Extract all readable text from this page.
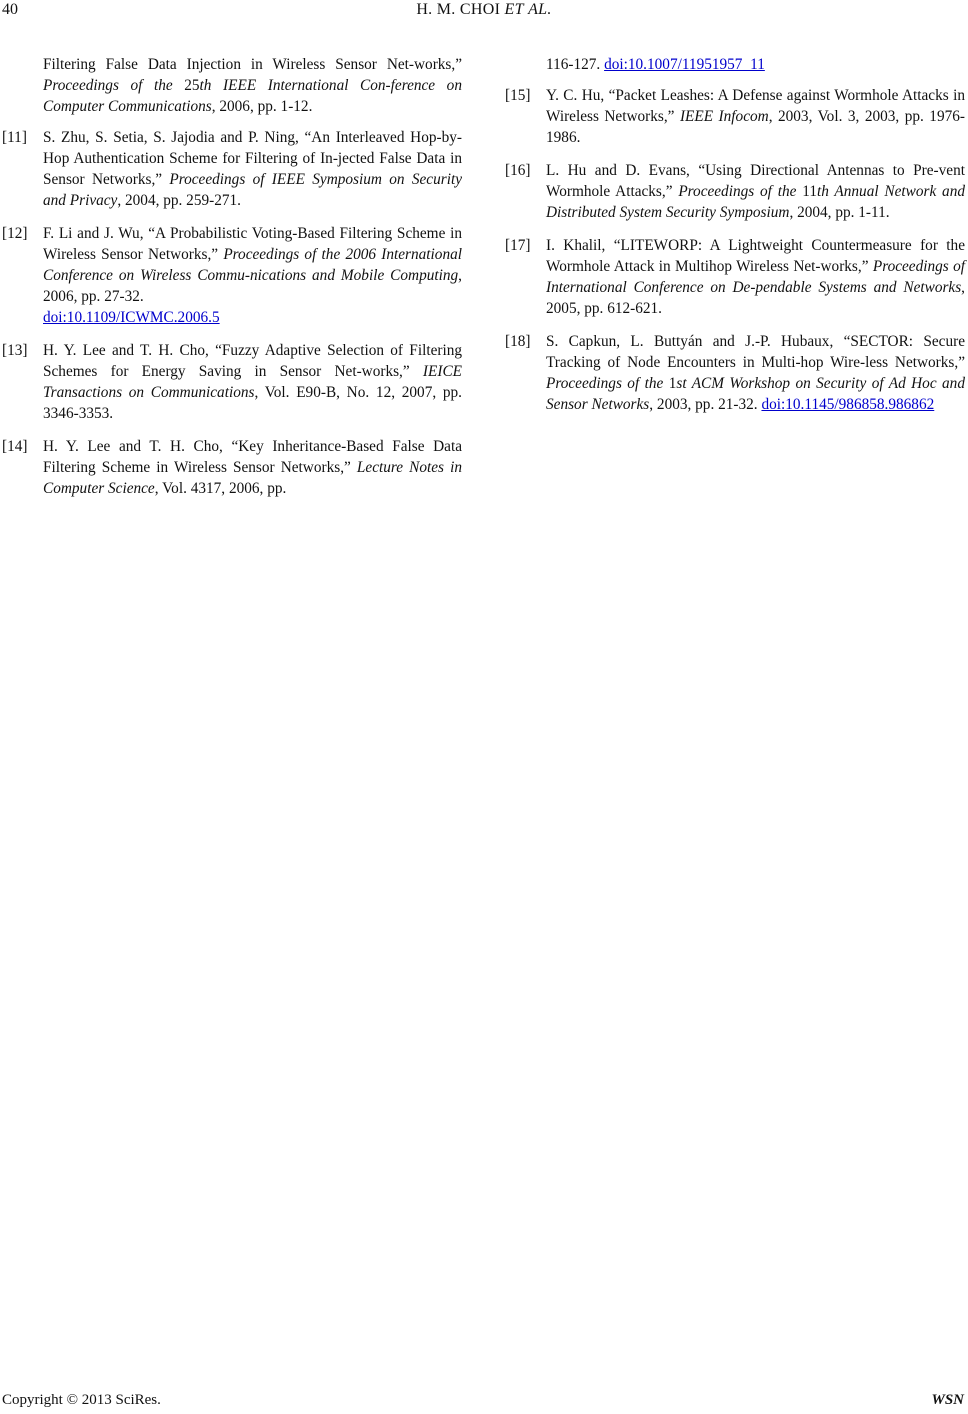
40	H. M. CHOI ET AL.
Filtering False Data Injection in Wireless Sensor Net-works,” Proceedings of the 25th IEEE International Con-ference on Computer Communications, 2006, pp. 1-12.
[11] S. Zhu, S. Setia, S. Jajodia and P. Ning, “An Interleaved Hop-by-Hop Authentication Scheme for Filtering of In-jected False Data in Sensor Networks,” Proceedings of IEEE Symposium on Security and Privacy, 2004, pp. 259-271.
[12] F. Li and J. Wu, “A Probabilistic Voting-Based Filtering Scheme in Wireless Sensor Networks,” Proceedings of the 2006 International Conference on Wireless Commu-nications and Mobile Computing, 2006, pp. 27-32.
doi:10.1109/ICWMC.2006.5
[13] H. Y. Lee and T. H. Cho, “Fuzzy Adaptive Selection of Filtering Schemes for Energy Saving in Sensor Net-works,” IEICE Transactions on Communications, Vol. E90-B, No. 12, 2007, pp. 3346-3353.
[14] H. Y. Lee and T. H. Cho, “Key Inheritance-Based False Data Filtering Scheme in Wireless Sensor Networks,” Lecture Notes in Computer Science, Vol. 4317, 2006, pp.
116-127. doi:10.1007/11951957_11
[15] Y. C. Hu, “Packet Leashes: A Defense against Wormhole Attacks in Wireless Networks,” IEEE Infocom, 2003, Vol. 3, 2003, pp. 1976-1986.
[16] L. Hu and D. Evans, “Using Directional Antennas to Pre-vent Wormhole Attacks,” Proceedings of the 11th Annual Network and Distributed System Security Symposium, 2004, pp. 1-11.
[17] I. Khalil, “LITEWORP: A Lightweight Countermeasure for the Wormhole Attack in Multihop Wireless Net-works,” Proceedings of International Conference on De-pendable Systems and Networks, 2005, pp. 612-621.
[18] S. Capkun, L. Buttyán and J.-P. Hubaux, “SECTOR: Secure Tracking of Node Encounters in Multi-hop Wire-less Networks,” Proceedings of the 1st ACM Workshop on Security of Ad Hoc and Sensor Networks, 2003, pp. 21-32. doi:10.1145/986858.986862
Copyright © 2013 SciRes.	WSN
